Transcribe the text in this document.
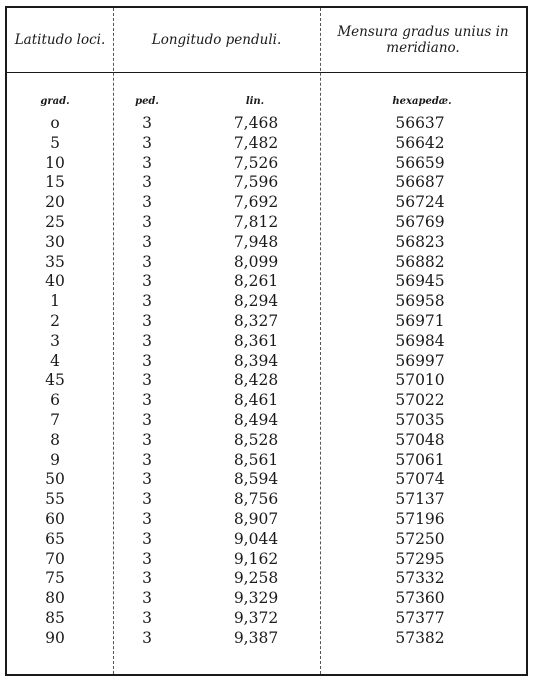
Latitudo loci.	Longitudo penduli.	Mensura gradus unius in meridiano.
grad.	ped.	lin.	hexapedæ.
o	3	7,468	56637
5	3	7,482	56642
10	3	7,526	56659
15	3	7,596	56687
20	3	7,692	56724
25	3	7,812	56769
30	3	7,948	56823
35	3	8,099	56882
40	3	8,261	56945
1	3	8,294	56958
2	3	8,327	56971
3	3	8,361	56984
4	3	8,394	56997
45	3	8,428	57010
6	3	8,461	57022
7	3	8,494	57035
8	3	8,528	57048
9	3	8,561	57061
50	3	8,594	57074
55	3	8,756	57137
60	3	8,907	57196
65	3	9,044	57250
70	3	9,162	57295
75	3	9,258	57332
80	3	9,329	57360
85	3	9,372	57377
90	3	9,387	57382
